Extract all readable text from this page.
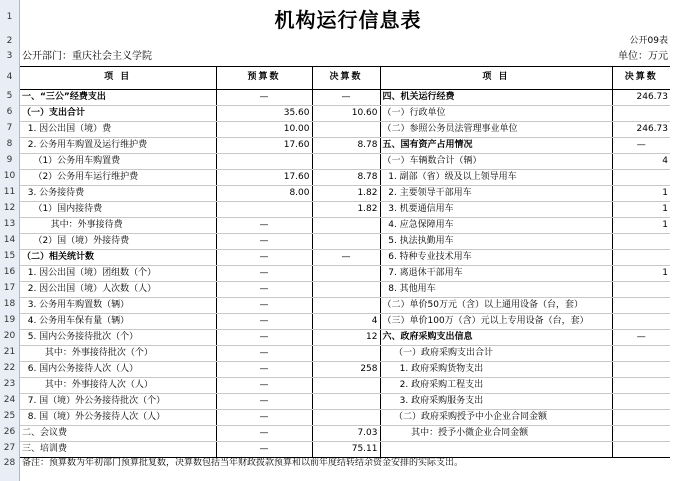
1
2
3
4
5
6
7
8
9
10
11
12
13
14
15
16
17
18
19
20
21
22
23
24
25
26
27
28
机构运行信息表
公开09表
公开部门：重庆社会主义学院	单位：万元
项 目	预算数	决算数	项 目	决算数
一、“三公”经费支出	—	—	四、机关运行经费	246.73
（一）支出合计	35.60	10.60	（一）行政单位	
1. 因公出国（境）费	10.00		（二）参照公务员法管理事业单位	246.73
2. 公务用车购置及运行维护费	17.60	8.78	五、国有资产占用情况	—
（1）公务用车购置费			（一）车辆数合计（辆）	4
（2）公务用车运行维护费	17.60	8.78	1. 副部（省）级及以上领导用车	
3. 公务接待费	8.00	1.82	2. 主要领导干部用车	1
（1）国内接待费		1.82	3. 机要通信用车	1
其中：外事接待费	—		4. 应急保障用车	1
（2）国（境）外接待费	—		5. 执法执勤用车	
（二）相关统计数	—	—	6. 特种专业技术用车	
1. 因公出国（境）团组数（个）	—		7. 离退休干部用车	1
2. 因公出国（境）人次数（人）	—		8. 其他用车	
3. 公务用车购置数（辆）	—		（二）单价50万元（含）以上通用设备（台，套）	
4. 公务用车保有量（辆）	—	4	（三）单价100万（含）元以上专用设备（台，套）	
5. 国内公务接待批次（个）	—	12	六、政府采购支出信息	—
其中：外事接待批次（个）	—		（一）政府采购支出合计	
6. 国内公务接待人次（人）	—	258	1. 政府采购货物支出	
其中：外事接待人次（人）	—		2. 政府采购工程支出	
7. 国（境）外公务接待批次（个）	—		3. 政府采购服务支出	
8. 国（境）外公务接待人次（人）	—		（二）政府采购授予中小企业合同金额	
二、会议费	—	7.03	其中：授予小微企业合同金额	
三、培训费	—	75.11		
备注：预算数为年初部门预算批复数，决算数包括当年财政拨款预算和以前年度结转结余资金安排的实际支出。
